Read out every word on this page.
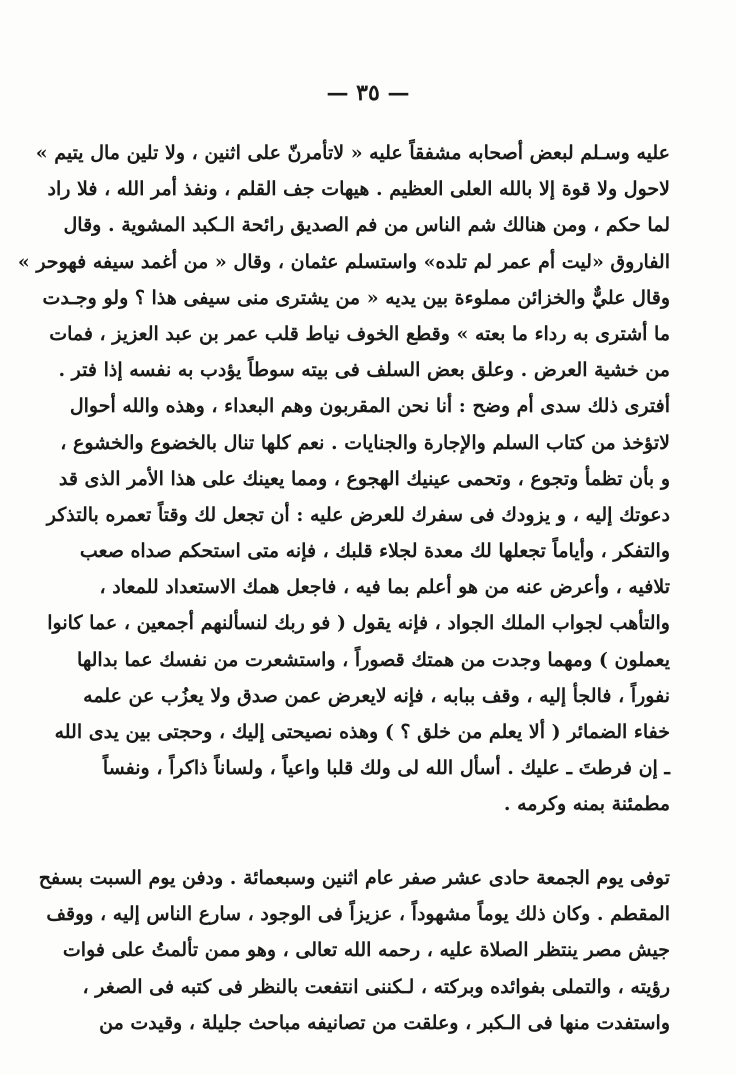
— ٣٥ —
عليه وسـلم لبعض أصحابه مشفقاً عليه « لاتأمرنّ على اثنين ، ولا تلين مال يتيم »
لاحول ولا قوة إلا بالله العلى العظيم . هيهات جف القلم ، ونفذ أمر الله ، فلا راد
لما حكم ، ومن هنالك شم الناس من فم الصديق رائحة الـكبد المشوية . وقال
الفاروق «ليت أم عمر لم تلده» واستسلم عثمان ، وقال « من أغمد سيفه فهوحر »
وقال عليٌّ والخزائن مملوءة بين يديه « من يشترى منى سيفى هذا ؟ ولو وجـدت
ما أشترى به رداء ما بعته » وقطع الخوف نياط قلب عمر بن عبد العزيز ، فمات
من خشية العرض . وعلق بعض السلف فى بيته سوطاً يؤدب به نفسه إذا فتر .
أفترى ذلك سدى أم وضح : أنا نحن المقربون وهم البعداء ، وهذه والله أحوال
لاتؤخذ من كتاب السلم والإجارة والجنايات . نعم كلها تنال بالخضوع والخشوع ،
و بأن تظمأ وتجوع ، وتحمى عينيك الهجوع ، ومما يعينك على هذا الأمر الذى قد
دعوتك إليه ، و يزودك فى سفرك للعرض عليه : أن تجعل لك وقتاً تعمره بالتذكر
والتفكر ، وأياماً تجعلها لك معدة لجلاء قلبك ، فإنه متى استحكم صداه صعب
تلافيه ، وأعرض عنه من هو أعلم بما فيه ، فاجعل همك الاستعداد للمعاد ،
والتأهب لجواب الملك الجواد ، فإنه يقول ( فو ربك لنسألنهم أجمعين ، عما كانوا
يعملون ) ومهما وجدت من همتك قصوراً ، واستشعرت من نفسك عما بدالها
نفوراً ، فالجأ إليه ، وقف ببابه ، فإنه لايعرض عمن صدق ولا يعزُب عن علمه
خفاء الضمائر ( ألا يعلم من خلق ؟ ) وهذه نصيحتى إليك ، وحجتى بين يدى الله
ـ إن فرطتَ ـ عليك . أسأل الله لى ولك قلبا واعياً ، ولساناً ذاكراً ، ونفساً
مطمئنة بمنه وكرمه .
توفى يوم الجمعة حادى عشر صفر عام اثنين وسبعمائة . ودفن يوم السبت بسفح
المقطم . وكان ذلك يوماً مشهوداً ، عزيزاً فى الوجود ، سارع الناس إليه ، ووقف
جيش مصر ينتظر الصلاة عليه ، رحمه الله تعالى ، وهو ممن تألمتُ على فوات
رؤيته ، والتملى بفوائده وبركته ، لـكننى انتفعت بالنظر فى كتبه فى الصغر ،
واستفدت منها فى الـكبر ، وعلقت من تصانيفه مباحث جليلة ، وقيدت من
